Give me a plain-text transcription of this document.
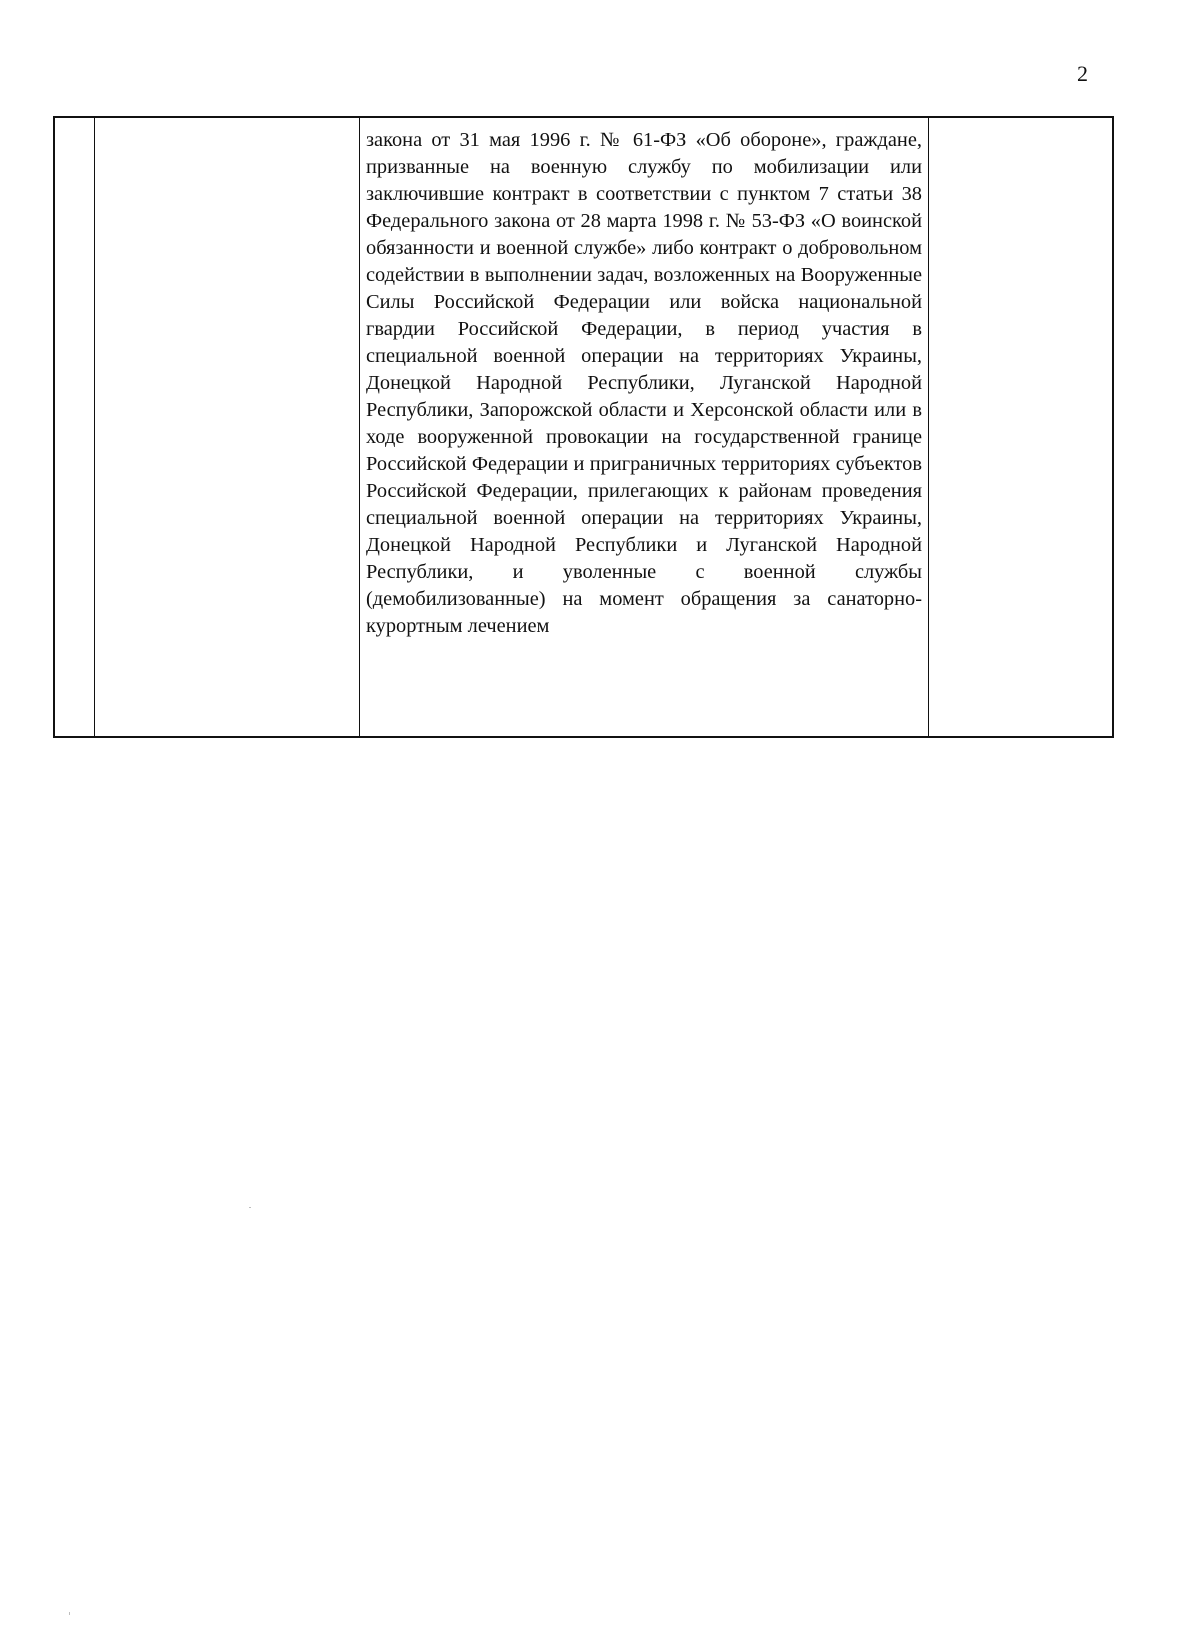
2

закона от 31 мая 1996 г. № 61-ФЗ «Об обороне», граждане, призванные на военную службу по мобилизации или заключившие контракт в соответствии с пунктом 7 статьи 38 Федерального закона от 28 марта 1998 г. № 53-ФЗ «О воинской обязанности и военной службе» либо контракт о добровольном содействии в выполнении задач, возложенных на Вооруженные Силы Российской Федерации или войска национальной гвардии Российской Федерации, в период участия в специальной военной операции на территориях Украины, Донецкой Народной Республики, Луганской Народной Республики, Запорожской области и Херсонской области или в ходе вооруженной провокации на государственной границе Российской Федерации и приграничных территориях субъектов Российской Федерации, прилегающих к районам проведения специальной военной операции на территориях Украины, Донецкой Народной Республики и Луганской Народной Республики, и уволенные с военной службы (демобилизованные) на момент обращения за санаторно-курортным лечением
